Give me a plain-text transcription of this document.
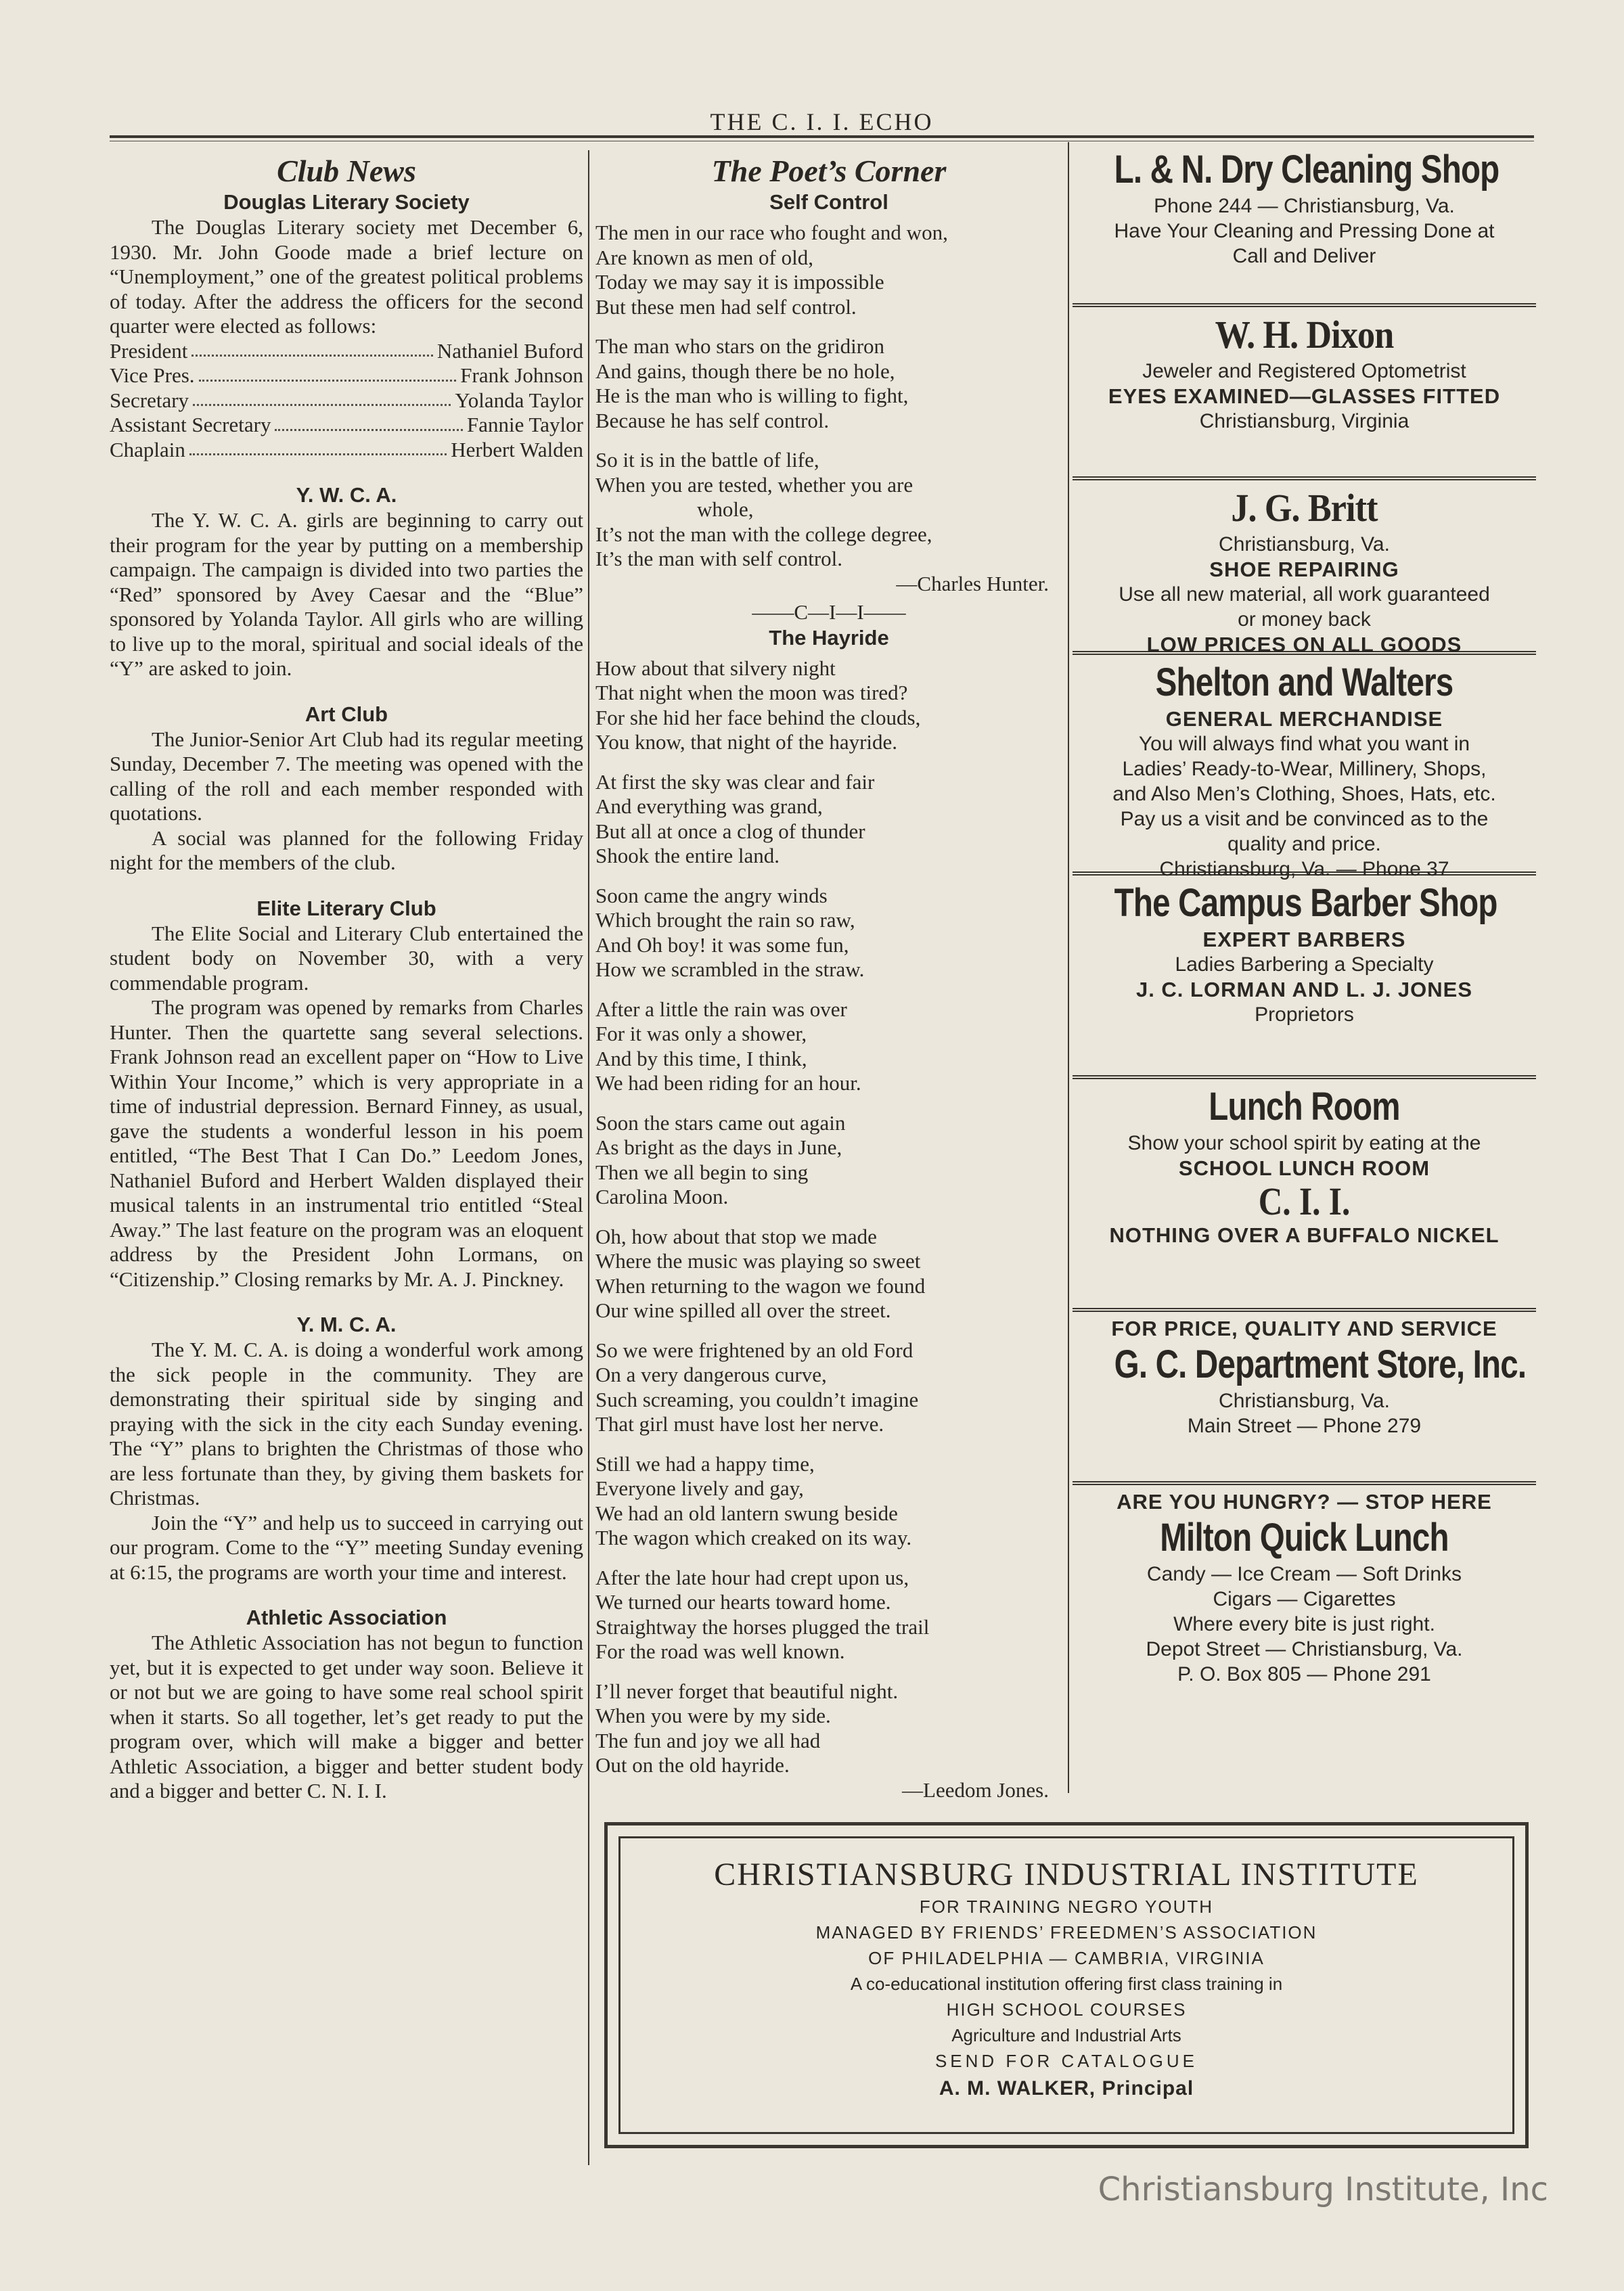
THE C. I. I. ECHO
Club News
Douglas Literary Society

The Douglas Literary society met December 6, 1930. Mr. John Goode made a brief lecture on “Unemployment,” one of the greatest political problems of today. After the address the officers for the second quarter were elected as follows:

President	Nathaniel Buford
Vice Pres.	Frank Johnson
Secretary	Yolanda Taylor
Assistant Secretary	Fannie Taylor
Chaplain	Herbert Walden
Y. W. C. A.

The Y. W. C. A. girls are beginning to carry out their program for the year by putting on a membership campaign. The campaign is divided into two parties the “Red” sponsored by Avey Caesar and the “Blue” sponsored by Yolanda Taylor. All girls who are willing to live up to the moral, spiritual and social ideals of the “Y” are asked to join.

Art Club

The Junior-Senior Art Club had its regular meeting Sunday, December 7. The meeting was opened with the calling of the roll and each member responded with quotations.

A social was planned for the following Friday night for the members of the club.

Elite Literary Club

The Elite Social and Literary Club entertained the student body on November 30, with a very commendable program.

The program was opened by remarks from Charles Hunter. Then the quartette sang several selections. Frank Johnson read an excellent paper on “How to Live Within Your Income,” which is very appropriate in a time of industrial depression. Bernard Finney, as usual, gave the students a wonderful lesson in his poem entitled, “The Best That I Can Do.” Leedom Jones, Nathaniel Buford and Herbert Walden displayed their musical talents in an instrumental trio entitled “Steal Away.” The last feature on the program was an eloquent address by the President John Lormans, on “Citizenship.” Closing remarks by Mr. A. J. Pinckney.

Y. M. C. A.

The Y. M. C. A. is doing a wonderful work among the sick people in the community. They are demonstrating their spiritual side by singing and praying with the sick in the city each Sunday evening. The “Y” plans to brighten the Christmas of those who are less fortunate than they, by giving them baskets for Christmas.

Join the “Y” and help us to succeed in carrying out our program. Come to the “Y” meeting Sunday evening at 6:15, the programs are worth your time and interest.

Athletic Association

The Athletic Association has not begun to function yet, but it is expected to get under way soon. Believe it or not but we are going to have some real school spirit when it starts. So all together, let’s get ready to put the program over, which will make a bigger and better Athletic Association, a bigger and better student body and a bigger and better C. N. I. I.

The Poet’s Corner
Self Control

The men in our race who fought and won,

Are known as men of old,

Today we may say it is impossible

But these men had self control.

The man who stars on the gridiron

And gains, though there be no hole,

He is the man who is willing to fight,

Because he has self control.

So it is in the battle of life,

When you are tested, whether you are

whole,

It’s not the man with the college degree,

It’s the man with self control.

—Charles Hunter.

——C—I—I——

The Hayride

How about that silvery night

That night when the moon was tired?

For she hid her face behind the clouds,

You know, that night of the hayride.

At first the sky was clear and fair

And everything was grand,

But all at once a clog of thunder

Shook the entire land.

Soon came the angry winds

Which brought the rain so raw,

And Oh boy! it was some fun,

How we scrambled in the straw.

After a little the rain was over

For it was only a shower,

And by this time, I think,

We had been riding for an hour.

Soon the stars came out again

As bright as the days in June,

Then we all begin to sing

Carolina Moon.

Oh, how about that stop we made

Where the music was playing so sweet

When returning to the wagon we found

Our wine spilled all over the street.

So we were frightened by an old Ford

On a very dangerous curve,

Such screaming, you couldn’t imagine

That girl must have lost her nerve.

Still we had a happy time,

Everyone lively and gay,

We had an old lantern swung beside

The wagon which creaked on its way.

After the late hour had crept upon us,

We turned our hearts toward home.

Straightway the horses plugged the trail

For the road was well known.

I’ll never forget that beautiful night.

When you were by my side.

The fun and joy we all had

Out on the old hayride.

—Leedom Jones.

L. & N. Dry Cleaning Shop
Phone 244 — Christiansburg, Va.
Have Your Cleaning and Pressing Done at
Call and Deliver
W. H. Dixon
Jeweler and Registered Optometrist
EYES EXAMINED—GLASSES FITTED
Christiansburg, Virginia
J. G. Britt
Christiansburg, Va.
SHOE REPAIRING
Use all new material, all work guaranteed
or money back
LOW PRICES ON ALL GOODS
Shelton and Walters
GENERAL MERCHANDISE
You will always find what you want in
Ladies’ Ready-to-Wear, Millinery, Shops,
and Also Men’s Clothing, Shoes, Hats, etc.
Pay us a visit and be convinced as to the
quality and price.
Christiansburg, Va. — Phone 37
The Campus Barber Shop
EXPERT BARBERS
Ladies Barbering a Specialty
J. C. LORMAN AND L. J. JONES
Proprietors
Lunch Room
Show your school spirit by eating at the
SCHOOL LUNCH ROOM
C. I. I.
NOTHING OVER A BUFFALO NICKEL
FOR PRICE, QUALITY AND SERVICE
G. C. Department Store, Inc.
Christiansburg, Va.
Main Street — Phone 279
ARE YOU HUNGRY? — STOP HERE
Milton Quick Lunch
Candy — Ice Cream — Soft Drinks
Cigars — Cigarettes
Where every bite is just right.
Depot Street — Christiansburg, Va.
P. O. Box 805 — Phone 291
CHRISTIANSBURG INDUSTRIAL INSTITUTE
FOR TRAINING NEGRO YOUTH
MANAGED BY FRIENDS’ FREEDMEN’S ASSOCIATION
OF PHILADELPHIA — CAMBRIA, VIRGINIA
A co-educational institution offering first class training in
HIGH SCHOOL COURSES
Agriculture and Industrial Arts
SEND FOR CATALOGUE
A. M. WALKER, Principal
Christiansburg Institute, Inc
